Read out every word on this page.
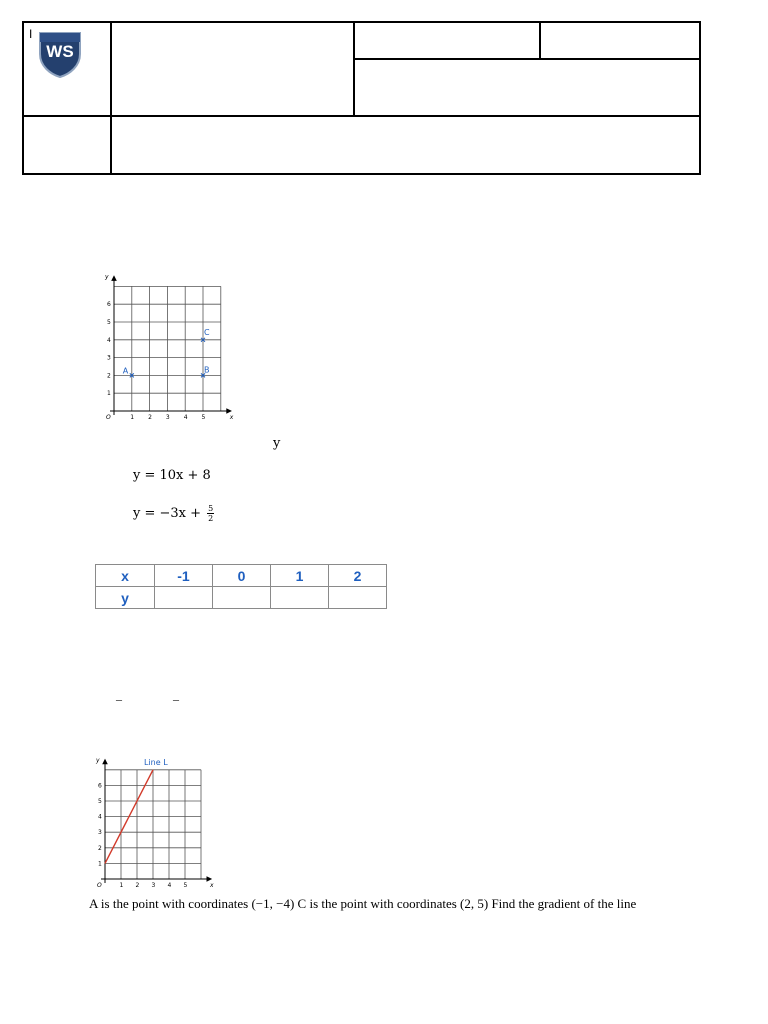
I
WS
1 2 3 4 5
1
2
3
4
5
6
O	x
y
A	B
C
y
y = 10x + 8
$y = -3x + \frac{5}{2}$
x	-1	0	1	2
y				
–	–
1 2 3 4 5
1
2
3
4
5
6
O	x
y	Line L
A is the point with coordinates (−1, −4) C is the point with coordinates (2, 5) Find the gradient of the line
